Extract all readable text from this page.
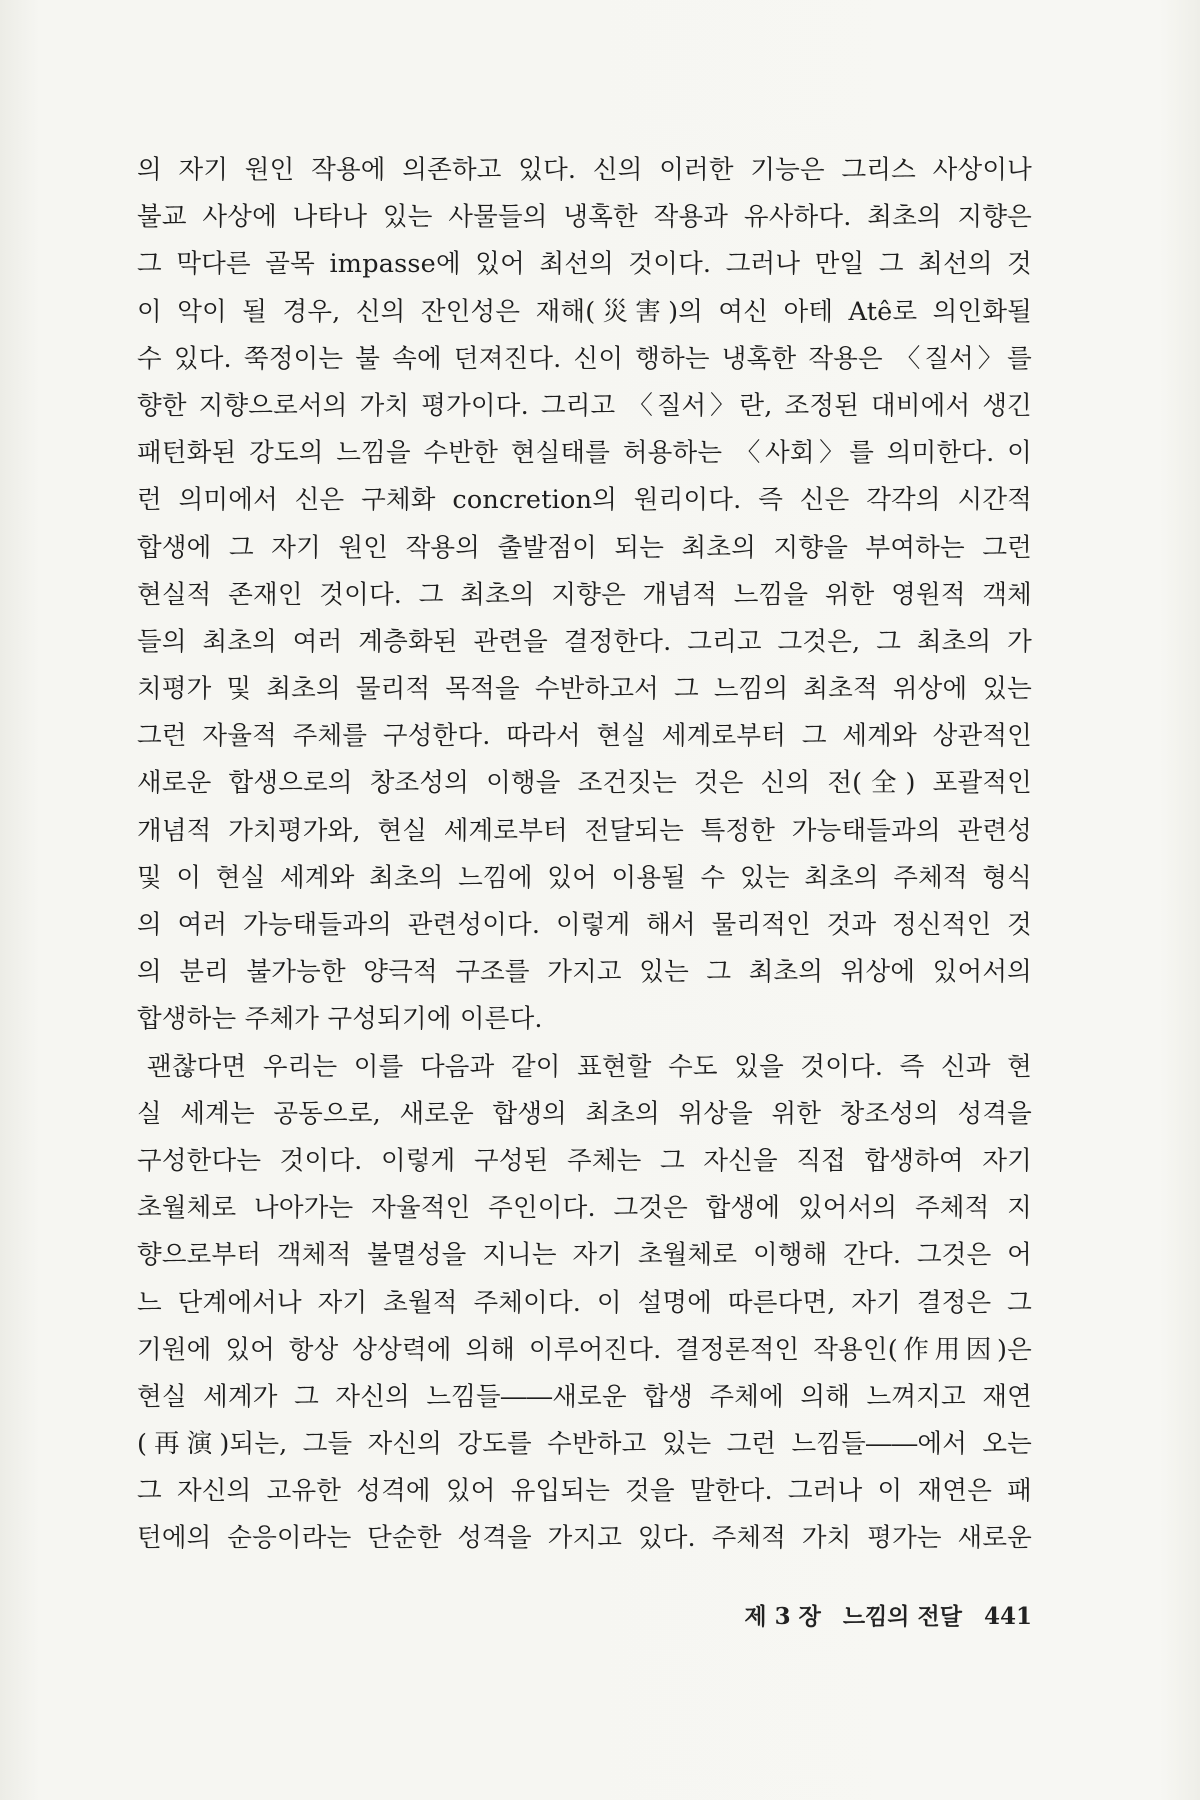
의 자기 원인 작용에 의존하고 있다. 신의 이러한 기능은 그리스 사상이나
불교 사상에 나타나 있는 사물들의 냉혹한 작용과 유사하다. 최초의 지향은
그 막다른 골목 impasse에 있어 최선의 것이다. 그러나 만일 그 최선의 것
이 악이 될 경우, 신의 잔인성은 재해(災害)의 여신 아테 Atê로 의인화될
수 있다. 쭉정이는 불 속에 던져진다. 신이 행하는 냉혹한 작용은 〈질서〉를
향한 지향으로서의 가치 평가이다. 그리고 〈질서〉란, 조정된 대비에서 생긴
패턴화된 강도의 느낌을 수반한 현실태를 허용하는 〈사회〉를 의미한다. 이
런 의미에서 신은 구체화 concretion의 원리이다. 즉 신은 각각의 시간적
합생에 그 자기 원인 작용의 출발점이 되는 최초의 지향을 부여하는 그런
현실적 존재인 것이다. 그 최초의 지향은 개념적 느낌을 위한 영원적 객체
들의 최초의 여러 계층화된 관련을 결정한다. 그리고 그것은, 그 최초의 가
치평가 및 최초의 물리적 목적을 수반하고서 그 느낌의 최초적 위상에 있는
그런 자율적 주체를 구성한다. 따라서 현실 세계로부터 그 세계와 상관적인
새로운 합생으로의 창조성의 이행을 조건짓는 것은 신의 전(全) 포괄적인
개념적 가치평가와, 현실 세계로부터 전달되는 특정한 가능태들과의 관련성
및 이 현실 세계와 최초의 느낌에 있어 이용될 수 있는 최초의 주체적 형식
의 여러 가능태들과의 관련성이다. 이렇게 해서 물리적인 것과 정신적인 것
의 분리 불가능한 양극적 구조를 가지고 있는 그 최초의 위상에 있어서의
합생하는 주체가 구성되기에 이른다.
괜찮다면 우리는 이를 다음과 같이 표현할 수도 있을 것이다. 즉 신과 현
실 세계는 공동으로, 새로운 합생의 최초의 위상을 위한 창조성의 성격을
구성한다는 것이다. 이렇게 구성된 주체는 그 자신을 직접 합생하여 자기
초월체로 나아가는 자율적인 주인이다. 그것은 합생에 있어서의 주체적 지
향으로부터 객체적 불멸성을 지니는 자기 초월체로 이행해 간다. 그것은 어
느 단계에서나 자기 초월적 주체이다. 이 설명에 따른다면, 자기 결정은 그
기원에 있어 항상 상상력에 의해 이루어진다. 결정론적인 작용인(作用因)은
현실 세계가 그 자신의 느낌들――새로운 합생 주체에 의해 느껴지고 재연
(再演)되는, 그들 자신의 강도를 수반하고 있는 그런 느낌들――에서 오는
그 자신의 고유한 성격에 있어 유입되는 것을 말한다. 그러나 이 재연은 패
턴에의 순응이라는 단순한 성격을 가지고 있다. 주체적 가치 평가는 새로운
제 3 장 느낌의 전달 441
